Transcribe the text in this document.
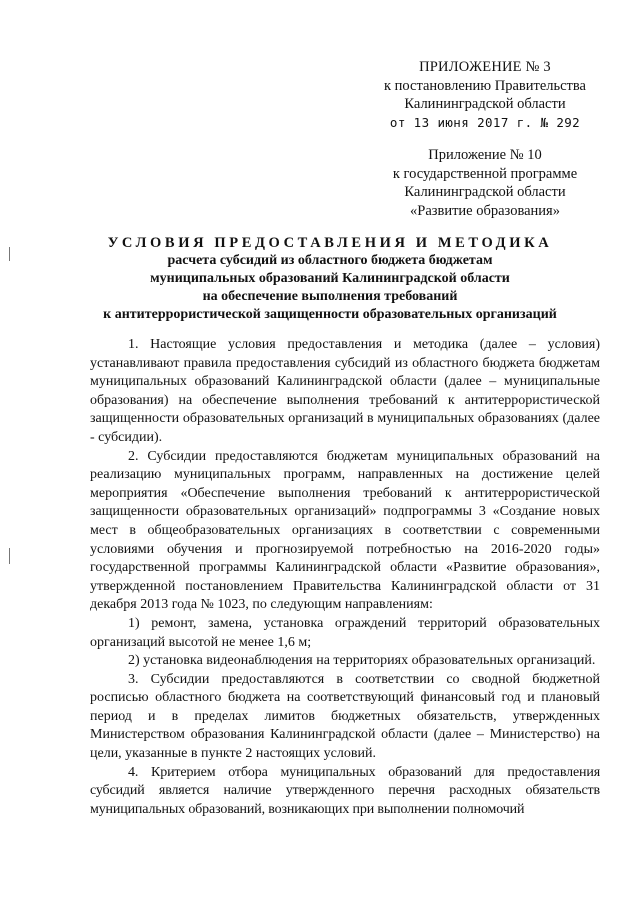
ПРИЛОЖЕНИЕ № 3
к постановлению Правительства
Калининградской области
от 13 июня 2017 г. № 292
Приложение № 10
к государственной программе
Калининградской области
«Развитие образования»
УСЛОВИЯ ПРЕДОСТАВЛЕНИЯ И МЕТОДИКА
расчета субсидий из областного бюджета бюджетам
муниципальных образований Калининградской области
на обеспечение выполнения требований
к антитеррористической защищенности образовательных организаций

1. Настоящие условия предоставления и методика (далее – условия) устанавливают правила предоставления субсидий из областного бюджета бюджетам муниципальных образований Калининградской области (далее – муниципальные образования) на обеспечение выполнения требований к антитеррористической защищенности образовательных организаций в муниципальных образованиях (далее - субсидии).

2. Субсидии предоставляются бюджетам муниципальных образований на реализацию муниципальных программ, направленных на достижение целей мероприятия «Обеспечение выполнения требований к антитеррористической защищенности образовательных организаций» подпрограммы 3 «Создание новых мест в общеобразовательных организациях в соответствии с современными условиями обучения и прогнозируемой потребностью на 2016-2020 годы» государственной программы Калининградской области «Развитие образования», утвержденной постановлением Правительства Калининградской области от 31 декабря 2013 года № 1023, по следующим направлениям:

1) ремонт, замена, установка ограждений территорий образовательных организаций высотой не менее 1,6 м;

2) установка видеонаблюдения на территориях образовательных организаций.

3. Субсидии предоставляются в соответствии со сводной бюджетной росписью областного бюджета на соответствующий финансовый год и плановый период и в пределах лимитов бюджетных обязательств, утвержденных Министерством образования Калининградской области (далее – Министерство) на цели, указанные в пункте 2 настоящих условий.

4. Критерием отбора муниципальных образований для предоставления субсидий является наличие утвержденного перечня расходных обязательств муниципальных образований, возникающих при выполнении полномочий
